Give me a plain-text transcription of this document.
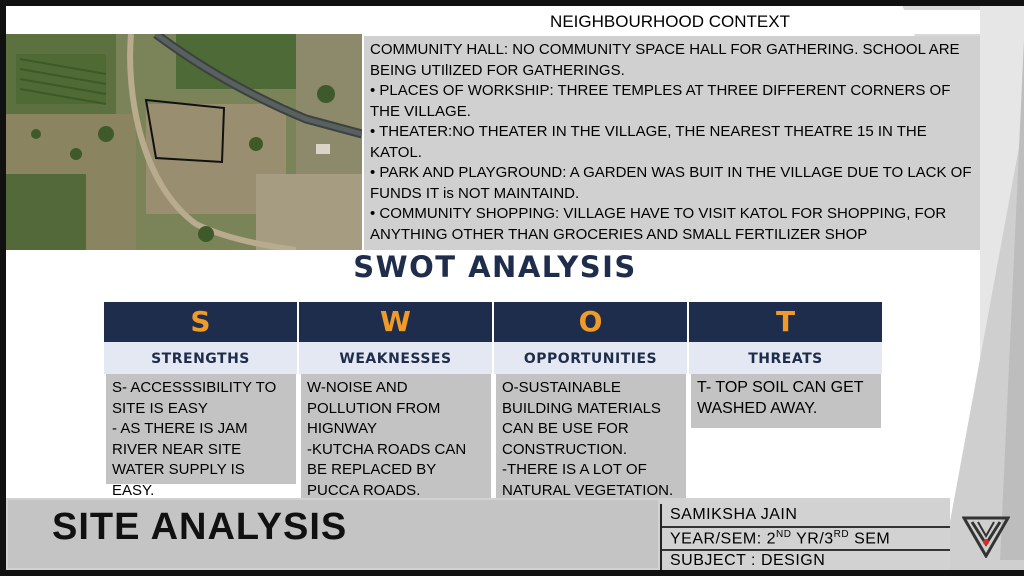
NEIGHBOURHOOD CONTEXT

COMMUNITY HALL: NO COMMUNITY SPACE HALL FOR GATHERING. SCHOOL ARE BEING UTIlIZED FOR GATHERINGS.

• PLACES OF WORKSHIP: THREE TEMPLES AT THREE DIFFERENT CORNERS OF THE VILLAGE.

• THEATER:NO THEATER IN THE VILLAGE, THE NEAREST THEATRE 15 IN THE KATOL.

• PARK AND PLAYGROUND: A GARDEN WAS BUIT IN THE VILLAGE DUE TO LACK OF FUNDS IT is NOT MAINTAIND.

• COMMUNITY SHOPPING: VILLAGE HAVE TO VISIT KATOL FOR SHOPPING, FOR ANYTHING OTHER THAN GROCERIES AND SMALL FERTILIZER SHOP

SWOT ANALYSIS
S	W	O	T
STRENGTHS	WEAKNESSES	OPPORTUNITIES	THREATS
S- ACCESSSIBILITY TO SITE IS EASY
- AS THERE IS JAM RIVER NEAR SITE WATER SUPPLY IS EASY.
W-NOISE AND POLLUTION FROM HIGNWAY
-KUTCHA ROADS CAN BE REPLACED BY PUCCA ROADS.
O-SUSTAINABLE BUILDING MATERIALS CAN BE USE FOR CONSTRUCTION.
-THERE IS A LOT OF NATURAL VEGETATION.
T- TOP SOIL CAN GET WASHED AWAY.
SITE ANALYSIS	SAMIKSHA JAIN
YEAR/SEM: 2ND YR/3RD SEM
SUBJECT : DESIGN
